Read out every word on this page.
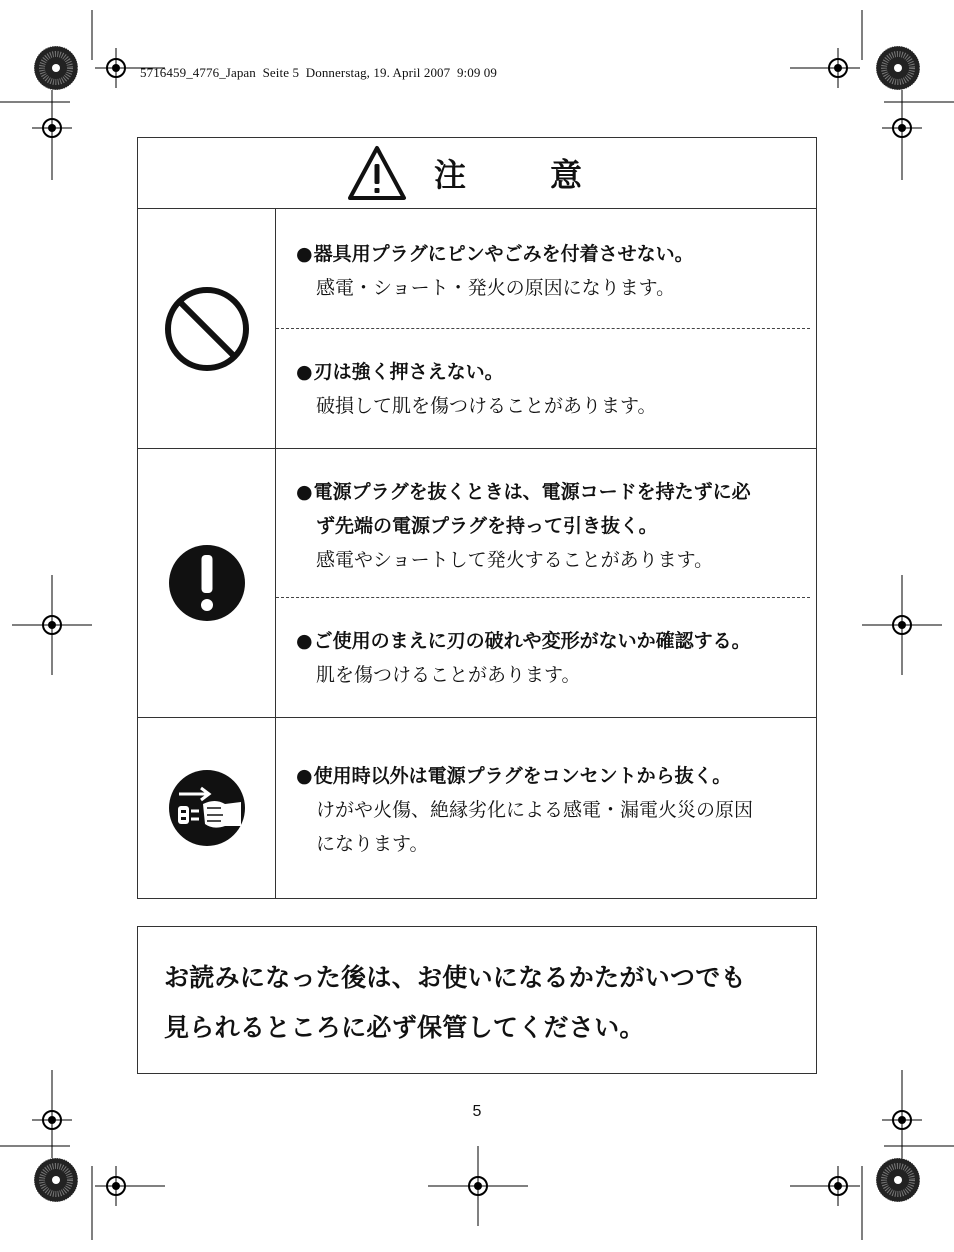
5716459_4776_Japan  Seite 5  Donnerstag, 19. April 2007  9:09 09
注　意
●器具用プラグにピンやごみを付着させない。
感電・ショート・発火の原因になります。
●刃は強く押さえない。
破損して肌を傷つけることがあります。
●電源プラグを抜くときは、電源コードを持たずに必
ず先端の電源プラグを持って引き抜く。
感電やショートして発火することがあります。
●ご使用のまえに刃の破れや変形がないか確認する。
肌を傷つけることがあります。
●使用時以外は電源プラグをコンセントから抜く。
けがや火傷、絶縁劣化による感電・漏電火災の原因
になります。
お読みになった後は、お使いになるかたがいつでも
見られるところに必ず保管してください。
5
